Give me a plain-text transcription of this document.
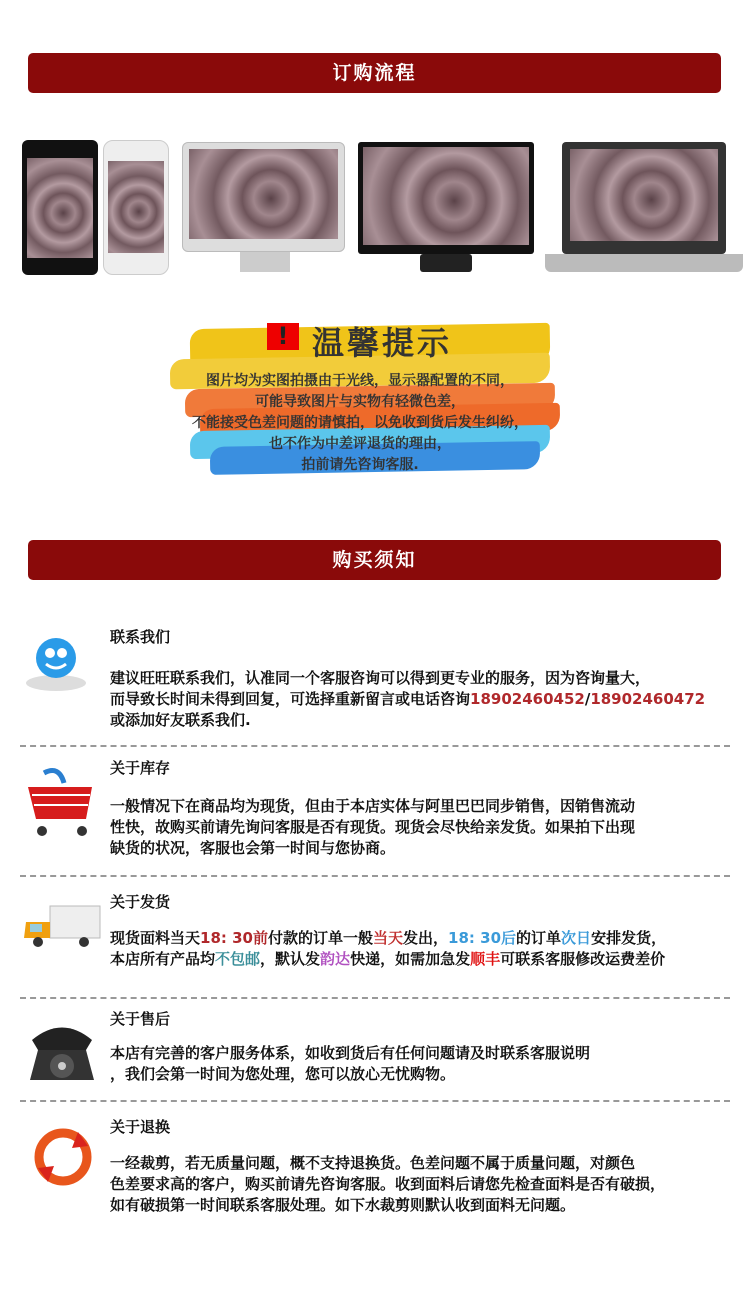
订购流程
! 温馨提示
图片均为实图拍摄由于光线，显示器配置的不同，
可能导致图片与实物有轻微色差，
不能接受色差问题的请慎拍，以免收到货后发生纠纷，
也不作为中差评退货的理由，
拍前请先咨询客服.
购买须知
联系我们
建议旺旺联系我们，认准同一个客服咨询可以得到更专业的服务，因为咨询量大，
而导致长时间未得到回复，可选择重新留言或电话咨询18902460452/18902460472
或添加好友联系我们.
关于库存
一般情况下在商品均为现货，但由于本店实体与阿里巴巴同步销售，因销售流动
性快，故购买前请先询问客服是否有现货。现货会尽快给亲发货。如果拍下出现
缺货的状况，客服也会第一时间与您协商。
关于发货
现货面料当天18: 30前付款的订单一般当天发出，18: 30后的订单次日安排发货，
本店所有产品均不包邮，默认发韵达快递，如需加急发顺丰可联系客服修改运费差价
关于售后
本店有完善的客户服务体系，如收到货后有任何问题请及时联系客服说明
，我们会第一时间为您处理，您可以放心无忧购物。
关于退换
一经裁剪，若无质量问题，概不支持退换货。色差问题不属于质量问题，对颜色
色差要求高的客户，购买前请先咨询客服。收到面料后请您先检查面料是否有破损，
如有破损第一时间联系客服处理。如下水裁剪则默认收到面料无问题。
